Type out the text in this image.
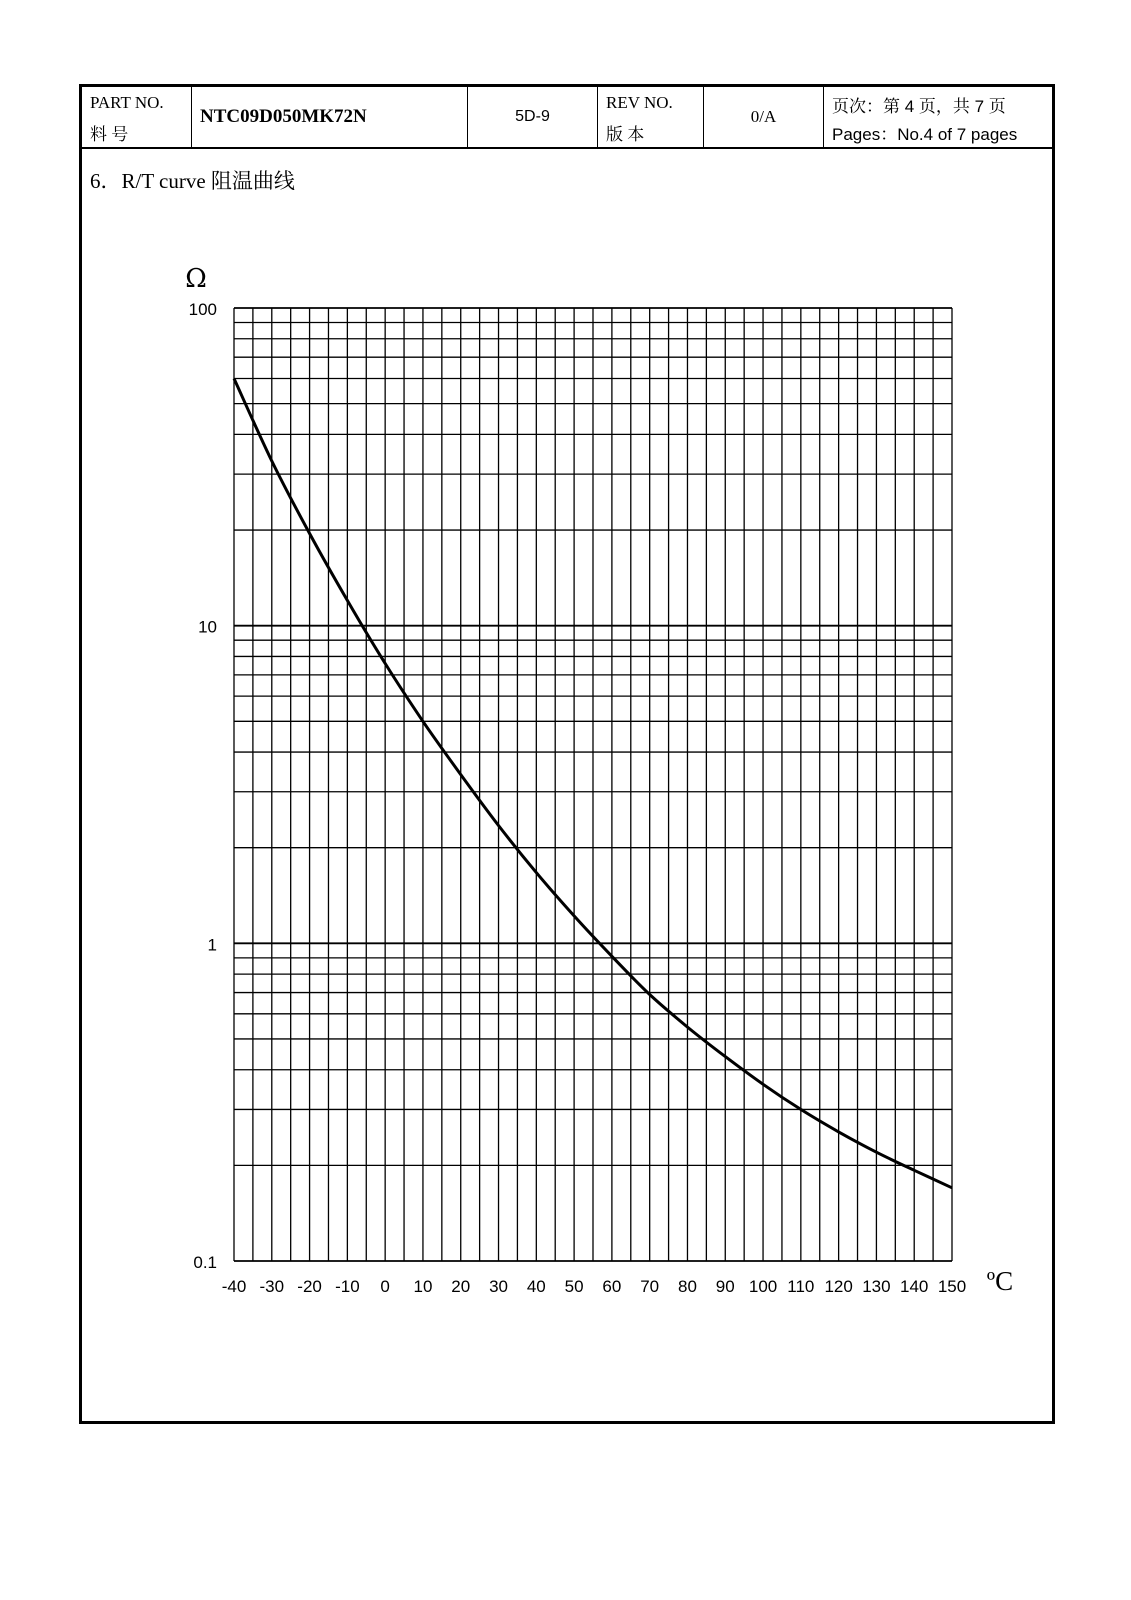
PART NO.
料 号
NTC09D050MK72N	5D-9
REV NO.
版 本
0/A
页次：第 4 页，共 7 页
Pages：No.4 of 7 pages
6．R/T curve 阻温曲线
-40 -30 -20 -10 0 10 20 30 40 50 60 70 80 90 100 110 120 130 140 150
100
10
1
0.1
Ω
ºC
